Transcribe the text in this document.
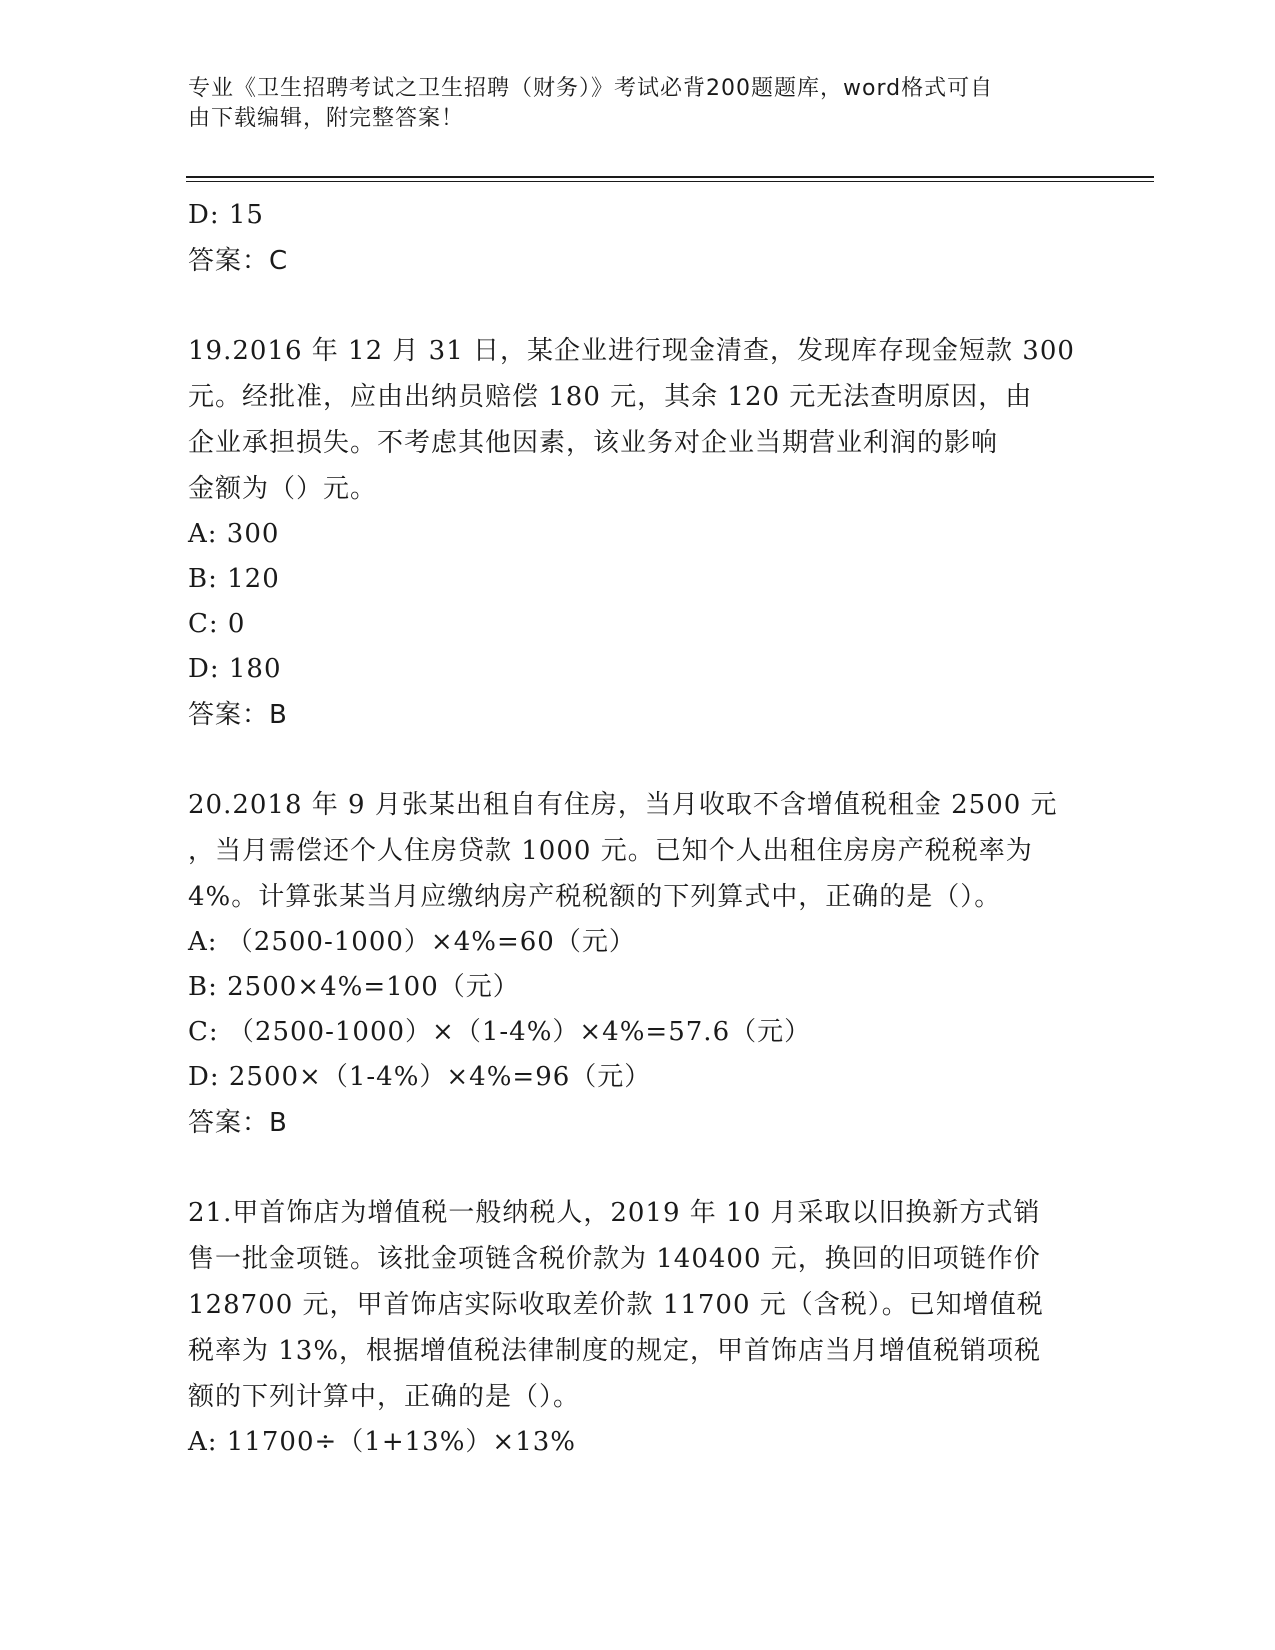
专业《卫生招聘考试之卫生招聘（财务）》考试必背200题题库，word格式可自
由下载编辑，附完整答案！
D: 15
答案：C
19.2016 年 12 月 31 日，某企业进行现金清查，发现库存现金短款 300
元。经批准，应由出纳员赔偿 180 元，其余 120 元无法查明原因，由
企业承担损失。不考虑其他因素，该业务对企业当期营业利润的影响
金额为（）元。
A: 300
B: 120
C: 0
D: 180
答案：B
20.2018 年 9 月张某出租自有住房，当月收取不含增值税租金 2500 元
，当月需偿还个人住房贷款 1000 元。已知个人出租住房房产税税率为
4%。计算张某当月应缴纳房产税税额的下列算式中，正确的是（）。
A: （2500-1000）×4%=60（元）
B: 2500×4%=100（元）
C: （2500-1000）×（1-4%）×4%=57.6（元）
D: 2500×（1-4%）×4%=96（元）
答案：B
21.甲首饰店为增值税一般纳税人，2019 年 10 月采取以旧换新方式销
售一批金项链。该批金项链含税价款为 140400 元，换回的旧项链作价
128700 元，甲首饰店实际收取差价款 11700 元（含税）。已知增值税
税率为 13%，根据增值税法律制度的规定，甲首饰店当月增值税销项税
额的下列计算中，正确的是（）。
A: 11700÷（1+13%）×13%
